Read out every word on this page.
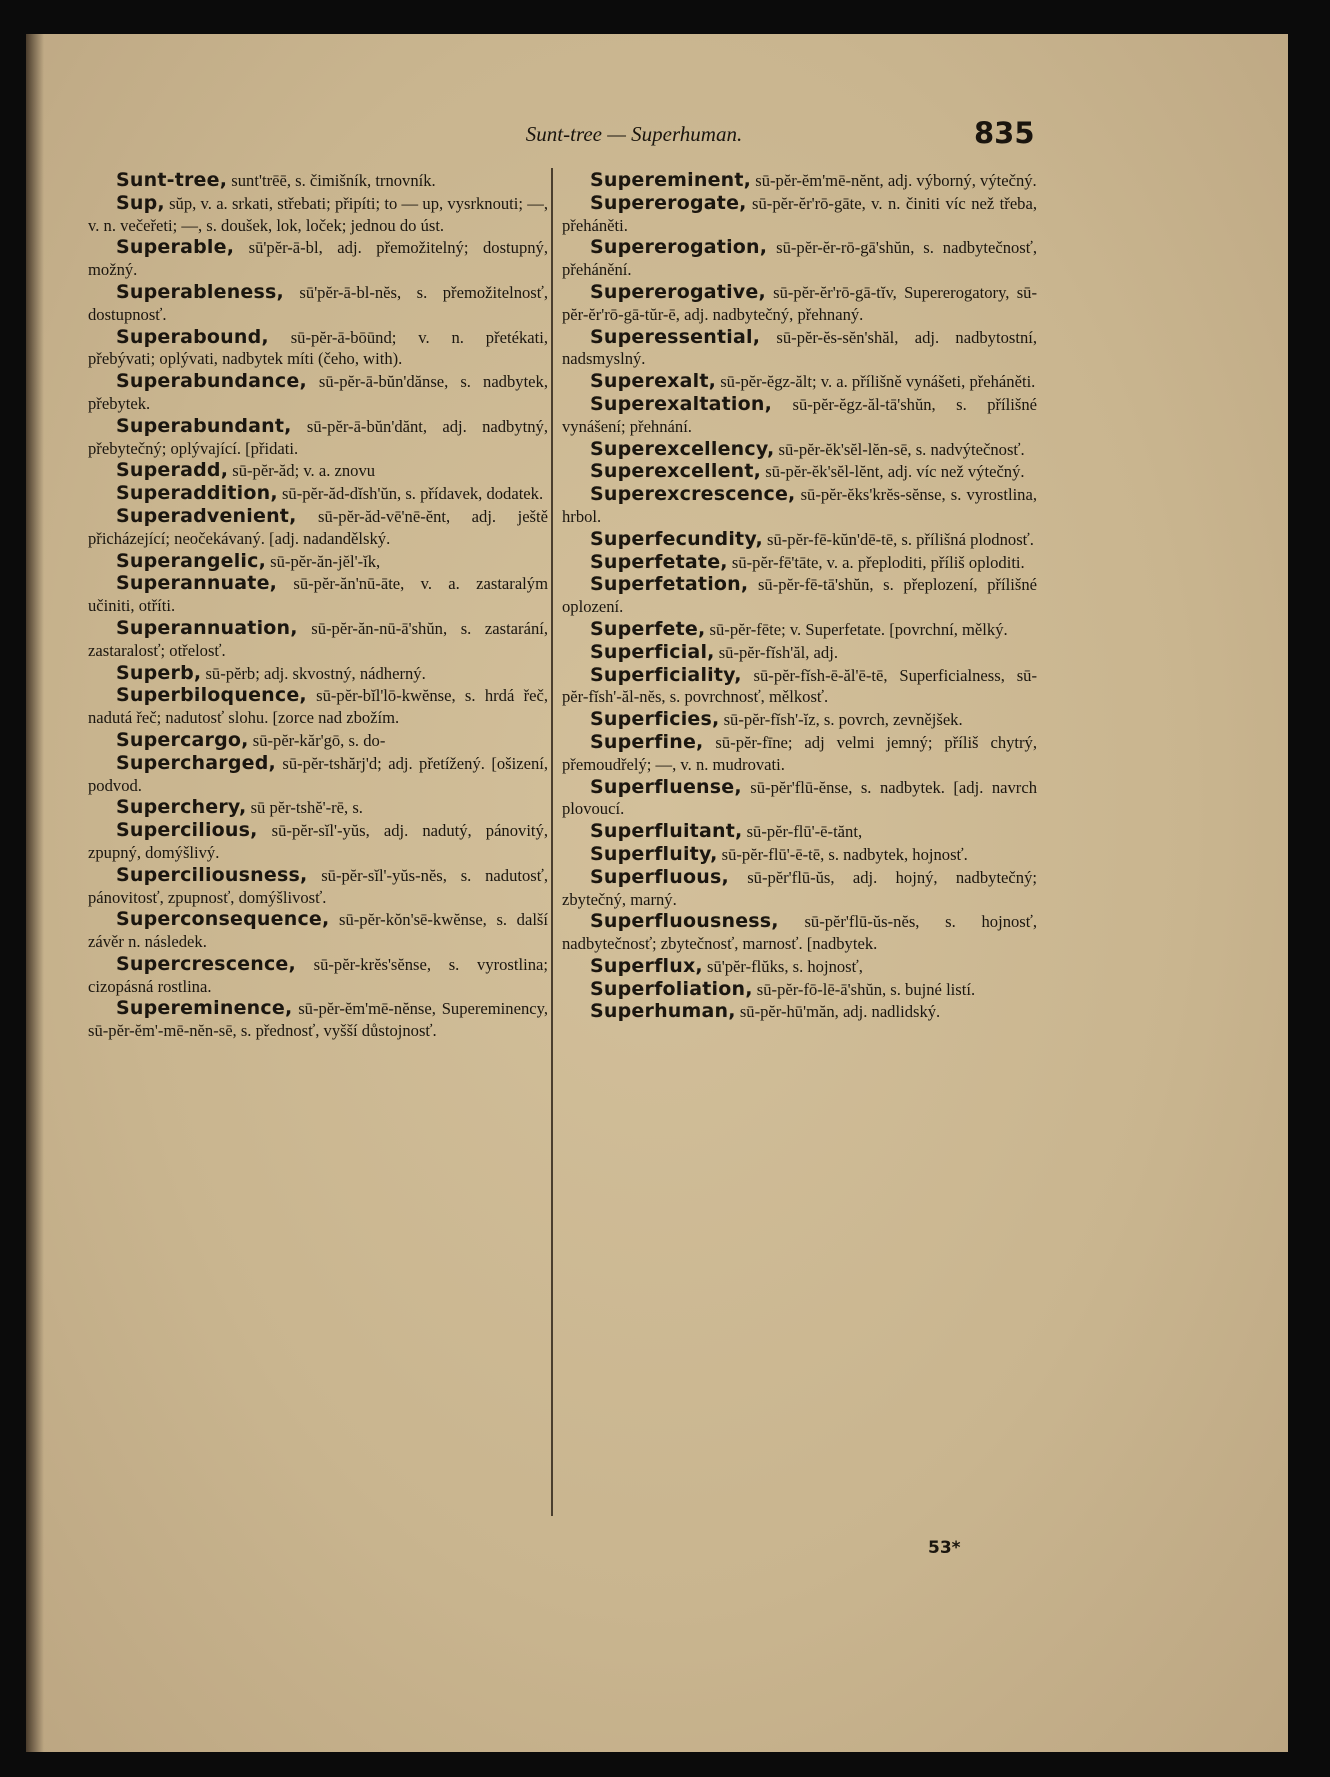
Sunt-tree — Superhuman.	835

Sunt-tree, sunt'trēē, s. čimišník, trnovník.

Sup, sŭp, v. a. srkati, střebati; připíti; to — up, vysrknouti; —, v. n. večeřeti; —, s. doušek, lok, loček; jednou do úst.

Superable, sū'pĕr-ā-bl, adj. přemožitelný; dostupný, možný.

Superableness, sū'pĕr-ā-bl-nĕs, s. přemožitelnosť, dostupnosť.

Superabound, sū-pĕr-ā-bōūnd; v. n. přetékati, přebývati; oplývati, nadbytek míti (čeho, with).

Superabundance, sū-pĕr-ā-bŭn'dănse, s. nadbytek, přebytek.

Superabundant, sū-pĕr-ā-bŭn'dănt, adj. nadbytný, přebytečný; oplývající. [přidati.

Superadd, sū-pĕr-ăd; v. a. znovu

Superaddition, sū-pĕr-ăd-dĭsh'ŭn, s. přídavek, dodatek.

Superadvenient, sū-pĕr-ăd-vē'nē-ĕnt, adj. ještě přicházející; neočekávaný. [adj. nadandělský.

Superangelic, sū-pĕr-ăn-jĕl'-ĭk,

Superannuate, sū-pĕr-ăn'nū-āte, v. a. zastaralým učiniti, otříti.

Superannuation, sū-pĕr-ăn-nū-ā'shŭn, s. zastarání, zastaralosť; otřelosť.

Superb, sū-pĕrb; adj. skvostný, nádherný.

Superbiloquence, sū-pĕr-bĭl'lō-kwĕnse, s. hrdá řeč, nadutá řeč; nadutosť slohu. [zorce nad zbožím.

Supercargo, sū-pĕr-kăr'gō, s. do-

Supercharged, sū-pĕr-tshărj'd; adj. přetížený. [ošizení, podvod.

Superchery, sū pĕr-tshĕ'-rē, s.

Supercilious, sū-pĕr-sĭl'-yŭs, adj. nadutý, pánovitý, zpupný, domýšlivý.

Superciliousness, sū-pĕr-sĭl'-yŭs-nĕs, s. nadutosť, pánovitosť, zpupnosť, domýšlivosť.

Superconsequence, sū-pĕr-kŏn'sē-kwĕnse, s. další závěr n. následek.

Supercrescence, sū-pĕr-krĕs'sĕnse, s. vyrostlina; cizopásná rostlina.

Supereminence, sū-pĕr-ĕm'mē-nĕnse, Supereminency, sū-pĕr-ĕm'-mē-nĕn-sē, s. přednosť, vyšší důstojnosť.

Supereminent, sū-pĕr-ĕm'mē-nĕnt, adj. výborný, výtečný.

Supererogate, sū-pĕr-ĕr'rō-gāte, v. n. činiti víc než třeba, přeháněti.

Supererogation, sū-pĕr-ĕr-rō-gā'shŭn, s. nadbytečnosť, přehánění.

Supererogative, sū-pĕr-ĕr'rō-gā-tĭv, Supererogatory, sū-pĕr-ĕr'rō-gā-tŭr-ē, adj. nadbytečný, přehnaný.

Superessential, sū-pĕr-ĕs-sĕn'shăl, adj. nadbytostní, nadsmyslný.

Superexalt, sū-pĕr-ĕgz-ălt; v. a. přílišně vynášeti, přeháněti.

Superexaltation, sū-pĕr-ĕgz-ăl-tā'shŭn, s. přílišné vynášení; přehnání.

Superexcellency, sū-pĕr-ĕk'sĕl-lĕn-sē, s. nadvýtečnosť.

Superexcellent, sū-pĕr-ĕk'sĕl-lĕnt, adj. víc než výtečný.

Superexcrescence, sū-pĕr-ĕks'krĕs-sĕnse, s. vyrostlina, hrbol.

Superfecundity, sū-pĕr-fē-kŭn'dē-tē, s. přílišná plodnosť.

Superfetate, sū-pĕr-fē'tāte, v. a. přeploditi, příliš oploditi.

Superfetation, sū-pĕr-fē-tā'shŭn, s. přeplození, přílišné oplození.

Superfete, sū-pĕr-fēte; v. Superfetate. [povrchní, mělký.

Superficial, sū-pĕr-fĭsh'ăl, adj.

Superficiality, sū-pĕr-fĭsh-ē-ăl'ē-tē, Superficialness, sū-pĕr-fĭsh'-ăl-nĕs, s. povrchnosť, mělkosť.

Superficies, sū-pĕr-fĭsh'-ĭz, s. povrch, zevnějšek.

Superfine, sū-pĕr-fīne; adj velmi jemný; příliš chytrý, přemoudřelý; —, v. n. mudrovati.

Superfluense, sū-pĕr'flū-ĕnse, s. nadbytek. [adj. navrch plovoucí.

Superfluitant, sū-pĕr-flū'-ē-tănt,

Superfluity, sū-pĕr-flū'-ē-tē, s. nadbytek, hojnosť.

Superfluous, sū-pĕr'flū-ŭs, adj. hojný, nadbytečný; zbytečný, marný.

Superfluousness, sū-pĕr'flū-ŭs-nĕs, s. hojnosť, nadbytečnosť; zbytečnosť, marnosť. [nadbytek.

Superflux, sū'pĕr-flŭks, s. hojnosť,

Superfoliation, sū-pĕr-fō-lē-ā'shŭn, s. bujné listí.

Superhuman, sū-pĕr-hū'măn, adj. nadlidský.

53*
